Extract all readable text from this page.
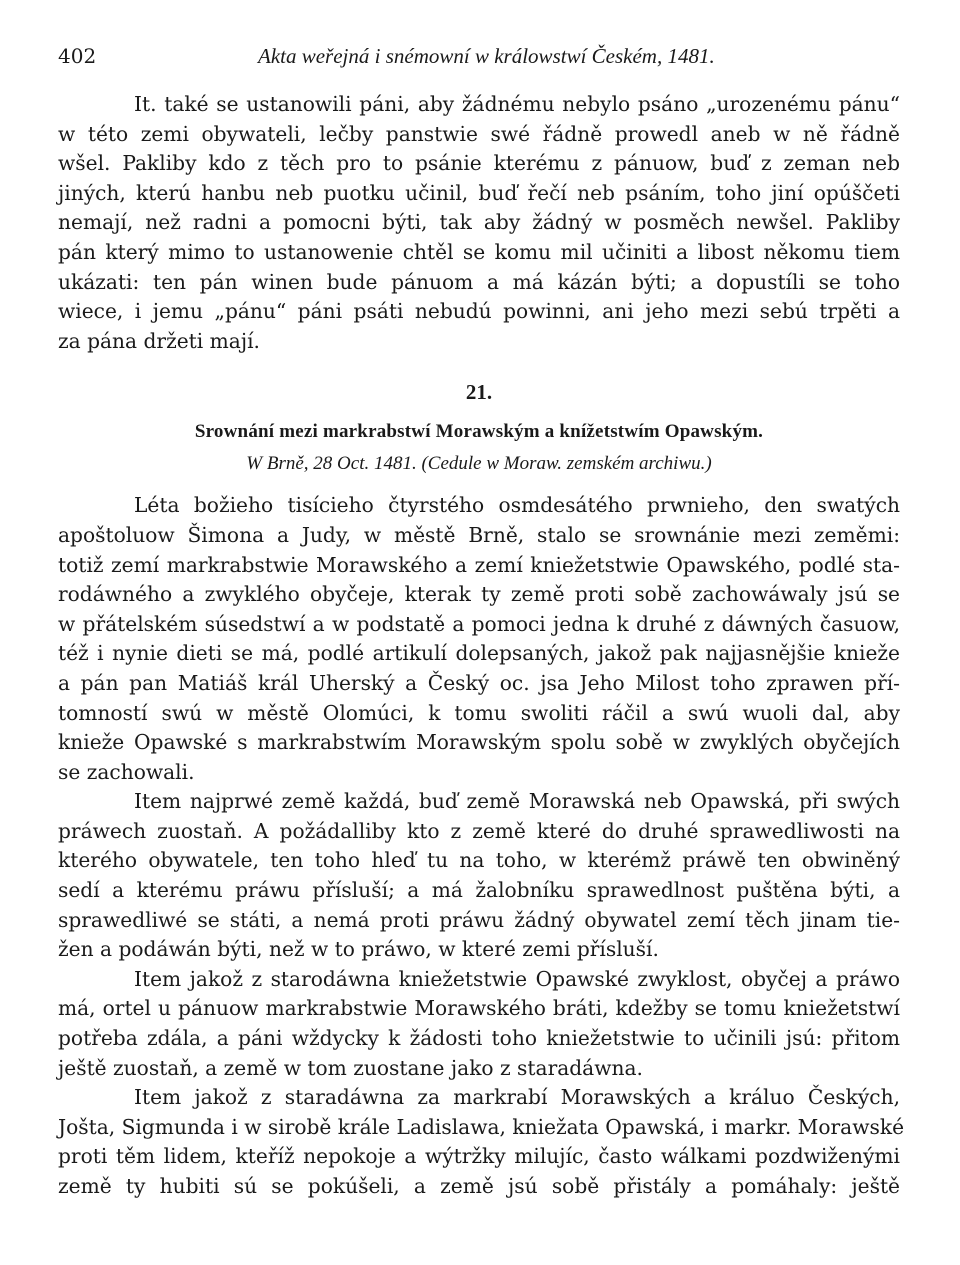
402	Akta weřejná i snémowní w králowstwí Českém, 1481.

It. také se ustanowili páni, aby žádnému nebylo psáno „urozenému pánu“
w této zemi obywateli, lečby panstwie swé řádně prowedl aneb w ně řádně
wšel. Pakliby kdo z těch pro to psánie kterému z pánuow, buď z zeman neb
jiných, kterú hanbu neb puotku učinil, buď řečí neb psáním, toho jiní opúščeti
nemají, než radni a pomocni býti, tak aby žádný w posměch newšel. Pakliby
pán který mimo to ustanowenie chtěl se komu mil učiniti a libost někomu tiem
ukázati: ten pán winen bude pánuom a má kázán býti; a dopustíli se toho
wiece, i jemu „pánu“ páni psáti nebudú powinni, ani jeho mezi sebú trpěti a
za pána držeti mají.

21.
Srownání mezi markrabstwí Morawským a knížetstwím Opawským.
W Brně, 28 Oct. 1481. (Cedule w Moraw. zemském archiwu.)

Léta božieho tisícieho čtyrstého osmdesátého prwnieho, den swatých
apoštoluow Šimona a Judy, w městě Brně, stalo se srownánie mezi zeměmi:
totiž zemí markrabstwie Morawského a zemí kniežetstwie Opawského, podlé sta-
rodáwného a zwyklého obyčeje, kterak ty země proti sobě zachowáwaly jsú se
w přátelském súsedstwí a w podstatě a pomoci jedna k druhé z dáwných časuow,
též i nynie dieti se má, podlé artikulí dolepsaných, jakož pak najjasnějšie knieže
a pán pan Matiáš král Uherský a Český oc. jsa Jeho Milost toho zprawen pří-
tomností swú w městě Olomúci, k tomu swoliti ráčil a swú wuoli dal, aby
knieže Opawské s markrabstwím Morawským spolu sobě w zwyklých obyčejích
se zachowali.

Item najprwé země každá, buď země Morawská neb Opawská, při swých
práwech zuostaň. A požádalliby kto z země které do druhé sprawedliwosti na
kterého obywatele, ten toho hleď tu na toho, w kterémž práwě ten obwiněný
sedí a kterému práwu přísluší; a má žalobníku sprawedlnost puštěna býti, a
sprawedliwé se státi, a nemá proti práwu žádný obywatel zemí těch jinam tie-
žen a podáwán býti, než w to práwo, w které zemi přísluší.

Item jakož z starodáwna kniežetstwie Opawské zwyklost, obyčej a práwo
má, ortel u pánuow markrabstwie Morawského bráti, kdežby se tomu kniežetstwí
potřeba zdála, a páni wždycky k žádosti toho kniežetstwie to učinili jsú: přitom
ještě zuostaň, a země w tom zuostane jako z staradáwna.

Item jakož z staradáwna za markrabí Morawských a králuo Českých,
Jošta, Sigmunda i w sirobě krále Ladislawa, kniežata Opawská, i markr. Morawské
proti těm lidem, kteříž nepokoje a wýtržky milujíc, často wálkami pozdwiženými
země ty hubiti sú se pokúšeli, a země jsú sobě přistály a pomáhaly: ještě
